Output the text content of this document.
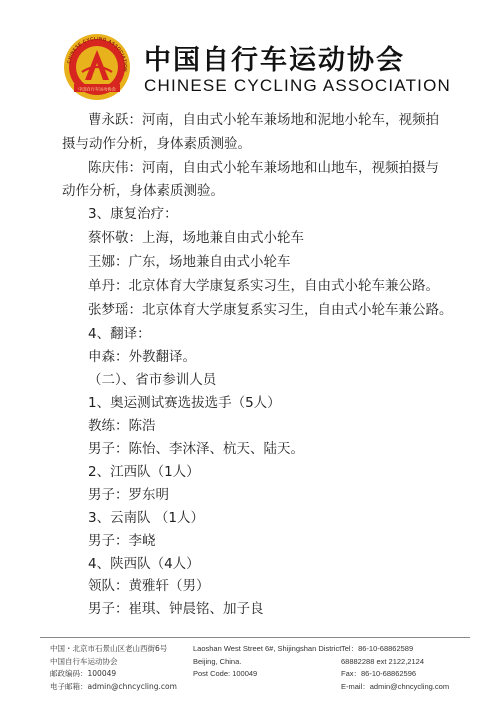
CHINESE CYCLING ASSOCIATION
中国自行车运动协会
中国自行车运动协会
CHINESE CYCLING ASSOCIATION
曹永跃：河南，自由式小轮车兼场地和泥地小轮车，视频拍
摄与动作分析，身体素质测验。
陈庆伟：河南，自由式小轮车兼场地和山地车，视频拍摄与
动作分析，身体素质测验。
3、康复治疗：
蔡怀敬：上海，场地兼自由式小轮车
王娜：广东，场地兼自由式小轮车
单丹：北京体育大学康复系实习生，自由式小轮车兼公路。
张梦瑶：北京体育大学康复系实习生，自由式小轮车兼公路。
4、翻译：
申森：外教翻译。
（二）、省市参训人员
1、奥运测试赛选拔选手（5人）
教练：陈浩
男子：陈怡、李沐泽、杭天、陆天。
2、江西队（1人）
男子：罗东明
3、云南队 （1人）
男子：李峣
4、陕西队（4人）
领队：黄雅轩（男）
中国・北京市石景山区老山西街6号
中国自行车运动协会
邮政编码：100049
电子邮箱：admin@chncycling.com
Laoshan West Street 6#, Shijingshan District
Beijing, China.
Post Code: 100049
Tel：86-10-68862589
68882288 ext 2122,2124
Fax：86-10-68862596
E-mail：admin@chncycling.com
男子：崔琪、钟晨铭、加子良
